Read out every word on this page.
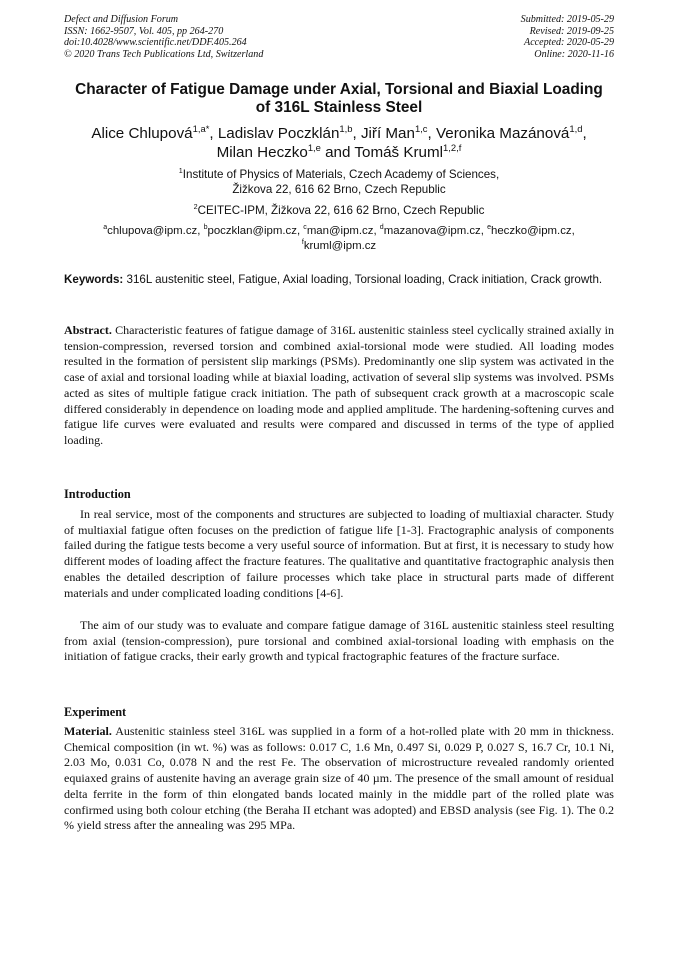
Defect and Diffusion Forum
ISSN: 1662-9507, Vol. 405, pp 264-270
doi:10.4028/www.scientific.net/DDF.405.264
© 2020 Trans Tech Publications Ltd, Switzerland
Submitted: 2019-05-29
Revised: 2019-09-25
Accepted: 2020-05-29
Online: 2020-11-16
Character of Fatigue Damage under Axial, Torsional and Biaxial Loading
of 316L Stainless Steel
Alice Chlupová$^{1,a*}$, Ladislav Poczklán$^{1,b}$, Jiří Man$^{1,c}$, Veronika Mazánová$^{1,d}$,
Milan Heczko$^{1,e}$ and Tomáš Kruml$^{1,2,f}$
$^1$Institute of Physics of Materials, Czech Academy of Sciences,
Žižkova 22, 616 62 Brno, Czech Republic
$^2$CEITEC-IPM, Žižkova 22, 616 62 Brno, Czech Republic
$^a$chlupova@ipm.cz, $^b$poczklan@ipm.cz, $^c$man@ipm.cz, $^d$mazanova@ipm.cz, $^e$heczko@ipm.cz,
$^f$kruml@ipm.cz
Keywords: 316L austenitic steel, Fatigue, Axial loading, Torsional loading, Crack initiation, Crack growth.
Abstract. Characteristic features of fatigue damage of 316L austenitic stainless steel cyclically strained axially in tension-compression, reversed torsion and combined axial-torsional mode were studied. All loading modes resulted in the formation of persistent slip markings (PSMs). Predominantly one slip system was activated in the case of axial and torsional loading while at biaxial loading, activation of several slip systems was involved. PSMs acted as sites of multiple fatigue crack initiation. The path of subsequent crack growth at a macroscopic scale differed considerably in dependence on loading mode and applied amplitude. The hardening-softening curves and fatigue life curves were evaluated and results were compared and discussed in terms of the type of applied loading.
Introduction
In real service, most of the components and structures are subjected to loading of multiaxial character. Study of multiaxial fatigue often focuses on the prediction of fatigue life [1-3]. Fractographic analysis of components failed during the fatigue tests become a very useful source of information. But at first, it is necessary to study how different modes of loading affect the fracture features. The qualitative and quantitative fractographic analysis then enables the detailed description of failure processes which take place in structural parts made of different materials and under complicated loading conditions [4-6].
The aim of our study was to evaluate and compare fatigue damage of 316L austenitic stainless steel resulting from axial (tension-compression), pure torsional and combined axial-torsional loading with emphasis on the initiation of fatigue cracks, their early growth and typical fractographic features of the fracture surface.
Experiment
Material. Austenitic stainless steel 316L was supplied in a form of a hot-rolled plate with 20 mm in thickness. Chemical composition (in wt. %) was as follows: 0.017 C, 1.6 Mn, 0.497 Si, 0.029 P, 0.027 S, 16.7 Cr, 10.1 Ni, 2.03 Mo, 0.031 Co, 0.078 N and the rest Fe. The observation of microstructure revealed randomly oriented equiaxed grains of austenite having an average grain size of 40 µm. The presence of the small amount of residual delta ferrite in the form of thin elongated bands located mainly in the middle part of the rolled plate was confirmed using both colour etching (the Beraha II etchant was adopted) and EBSD analysis (see Fig. 1). The 0.2 % yield stress after the annealing was 295 MPa.
